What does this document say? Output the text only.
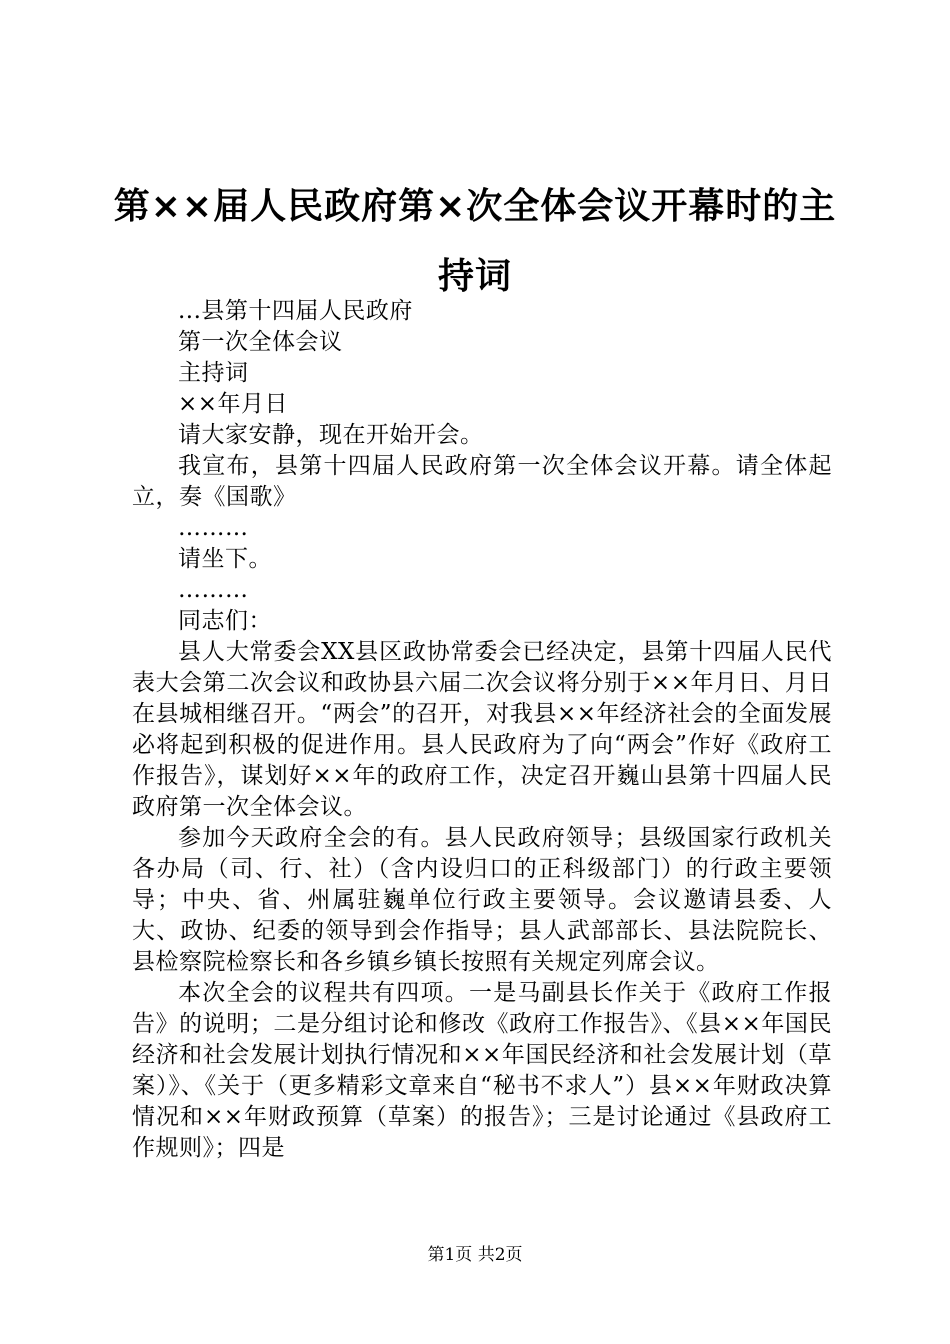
第××届人民政府第×次全体会议开幕时的主持词

...县第十四届人民政府

第一次全体会议

主持词

××年月日

请大家安静，现在开始开会。

我宣布，县第十四届人民政府第一次全体会议开幕。请全体起立，奏《国歌》

………

请坐下。

………

同志们：

县人大常委会XX县区政协常委会已经决定，县第十四届人民代表大会第二次会议和政协县六届二次会议将分别于××年月日、月日在县城相继召开。“两会”的召开，对我县××年经济社会的全面发展必将起到积极的促进作用。县人民政府为了向“两会”作好《政府工作报告》，谋划好××年的政府工作，决定召开巍山县第十四届人民政府第一次全体会议。

参加今天政府全会的有。县人民政府领导；县级国家行政机关各办局（司、行、社）（含内设归口的正科级部门）的行政主要领导；中央、省、州属驻巍单位行政主要领导。会议邀请县委、人大、政协、纪委的领导到会作指导；县人武部部长、县法院院长、县检察院检察长和各乡镇乡镇长按照有关规定列席会议。

本次全会的议程共有四项。一是马副县长作关于《政府工作报告》的说明；二是分组讨论和修改《政府工作报告》、《县××年国民经济和社会发展计划执行情况和××年国民经济和社会发展计划（草案）》、《关于（更多精彩文章来自“秘书不求人”）县××年财政决算情况和××年财政预算（草案）的报告》；三是讨论通过《县政府工作规则》；四是

第1页 共2页
